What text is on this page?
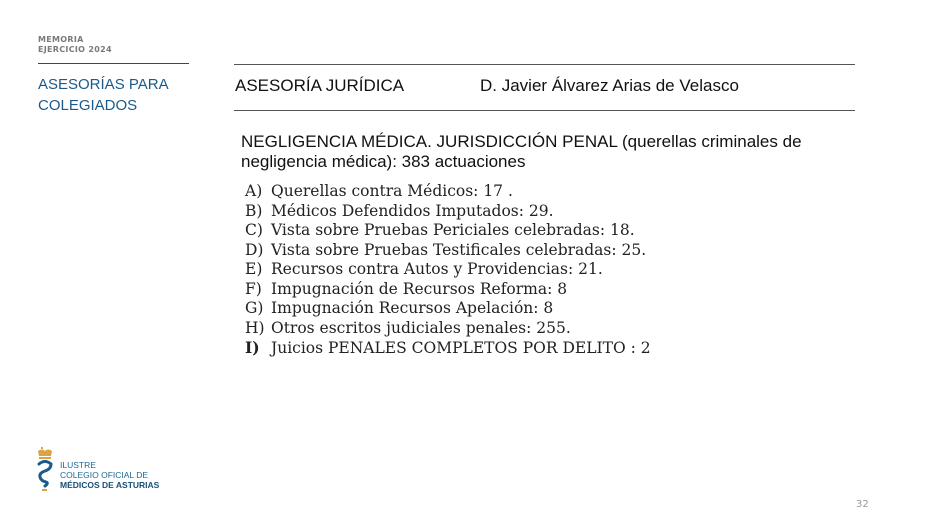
MEMORIA
EJERCICIO 2024
ASESORÍAS PARA
COLEGIADOS
ASESORÍA JURÍDICA	D. Javier Álvarez Arias de Velasco
NEGLIGENCIA MÉDICA. JURISDICCIÓN PENAL (querellas criminales de
negligencia médica): 383 actuaciones
A) Querellas contra Médicos: 17 .
B) Médicos Defendidos Imputados: 29.
C) Vista sobre Pruebas Periciales celebradas: 18.
D) Vista sobre Pruebas Testificales celebradas: 25.
E) Recursos contra Autos y Providencias: 21.
F) Impugnación de Recursos Reforma: 8
G) Impugnación Recursos Apelación: 8
H) Otros escritos judiciales penales: 255.
I) Juicios PENALES COMPLETOS POR DELITO : 2
ILUSTRE
COLEGIO OFICIAL DE
MÉDICOS DE ASTURIAS
32
